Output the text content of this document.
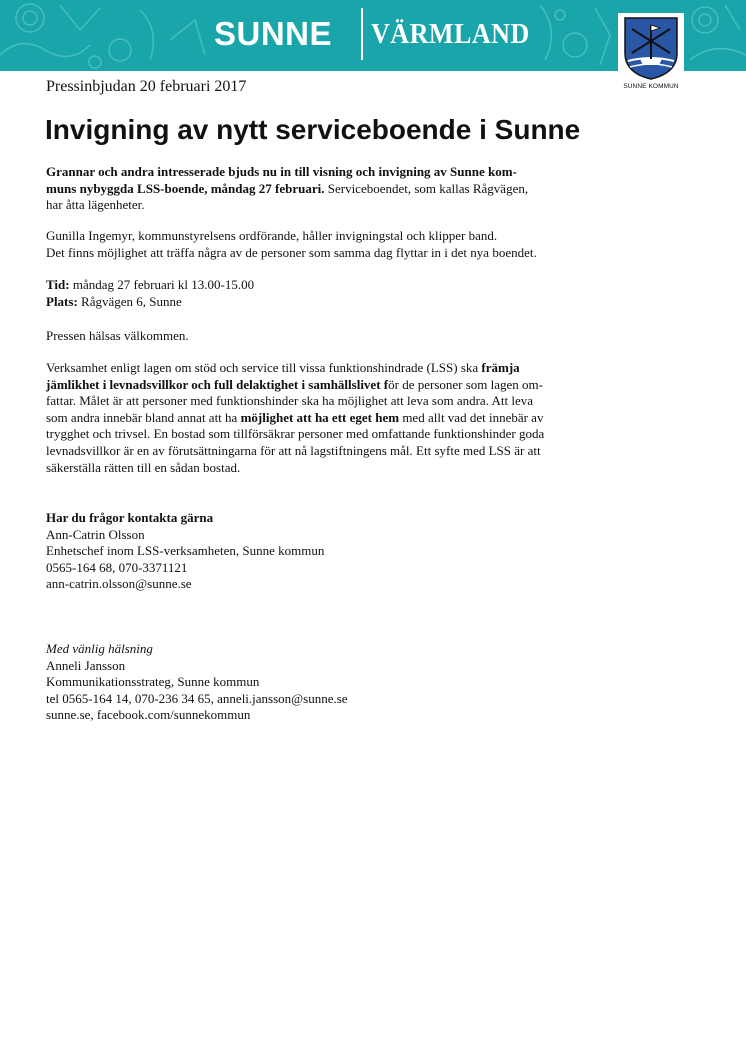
SUNNE VÄRMLAND
SUNNE KOMMUN
Pressinbjudan 20 februari 2017
Invigning av nytt serviceboende i Sunne
Grannar och andra intresserade bjuds nu in till visning och invigning av Sunne kom-
muns nybyggda LSS-boende, måndag 27 februari. Serviceboendet, som kallas Rågvägen,
har åtta lägenheter.
Gunilla Ingemyr, kommunstyrelsens ordförande, håller invigningstal och klipper band.
Det finns möjlighet att träffa några av de personer som samma dag flyttar in i det nya boendet.
Tid: måndag 27 februari kl 13.00-15.00
Plats: Rågvägen 6, Sunne
Pressen hälsas välkommen.
Verksamhet enligt lagen om stöd och service till vissa funktionshindrade (LSS) ska främja
jämlikhet i levnadsvillkor och full delaktighet i samhällslivet för de personer som lagen om-
fattar. Målet är att personer med funktionshinder ska ha möjlighet att leva som andra. Att leva
som andra innebär bland annat att ha möjlighet att ha ett eget hem med allt vad det innebär av
trygghet och trivsel. En bostad som tillförsäkrar personer med omfattande funktionshinder goda
levnadsvillkor är en av förutsättningarna för att nå lagstiftningens mål. Ett syfte med LSS är att
säkerställa rätten till en sådan bostad.
Har du frågor kontakta gärna
Ann-Catrin Olsson
Enhetschef inom LSS-verksamheten, Sunne kommun
0565-164 68, 070-3371121
ann-catrin.olsson@sunne.se
Med vänlig hälsning
Anneli Jansson
Kommunikationsstrateg, Sunne kommun
tel 0565-164 14, 070-236 34 65, anneli.jansson@sunne.se
sunne.se, facebook.com/sunnekommun
